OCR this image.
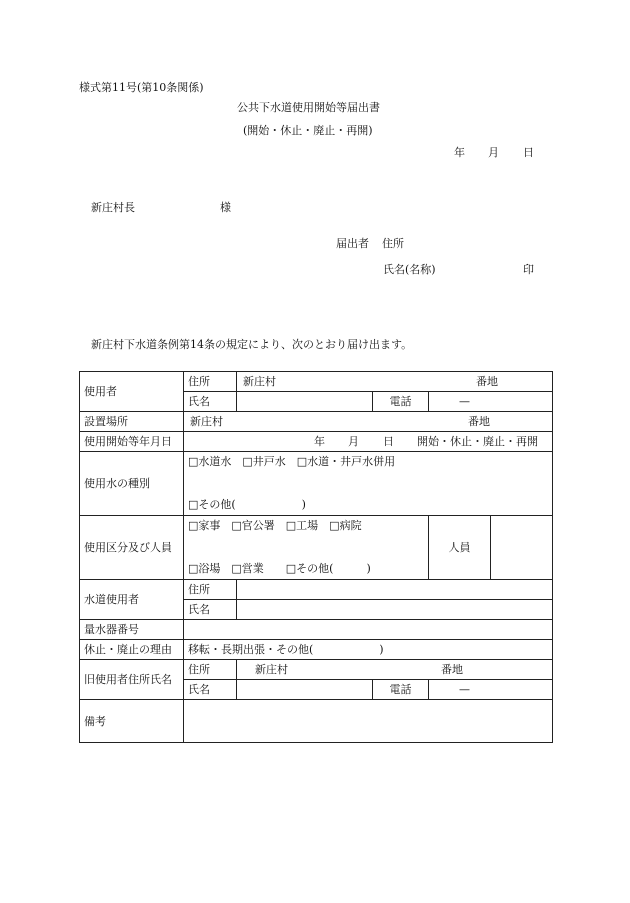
様式第11号(第10条関係)
公共下水道使用開始等届出書
(開始・休止・廃止・再開)
年 月 日
新庄村長	様
届出者 住所
氏名(名称)	印
新庄村下水道条例第14条の規定により、次のとおり届け出ます。
使用者	住所	新庄村 番地			

	氏名		電話	—	
設置場所	新庄村 番地				

使用開始等年月日	年 月 日 開始・休止・廃止・再開				

使用水の種別	□水道水　□井戸水　□水道・井戸水併用
□その他(　　　　　　)				

使用区分及び人員	□家事　□官公署　□工場　□病院
□浴場　□営業　　□その他(　　　)			人員	
水道使用者	住所				
	氏名				
量水器番号					
休止・廃止の理由	移転・長期出張・その他(　　　　　　)				
旧使用者住所氏名	住所	新庄村 番地			

	氏名		電話	—	
備考					
